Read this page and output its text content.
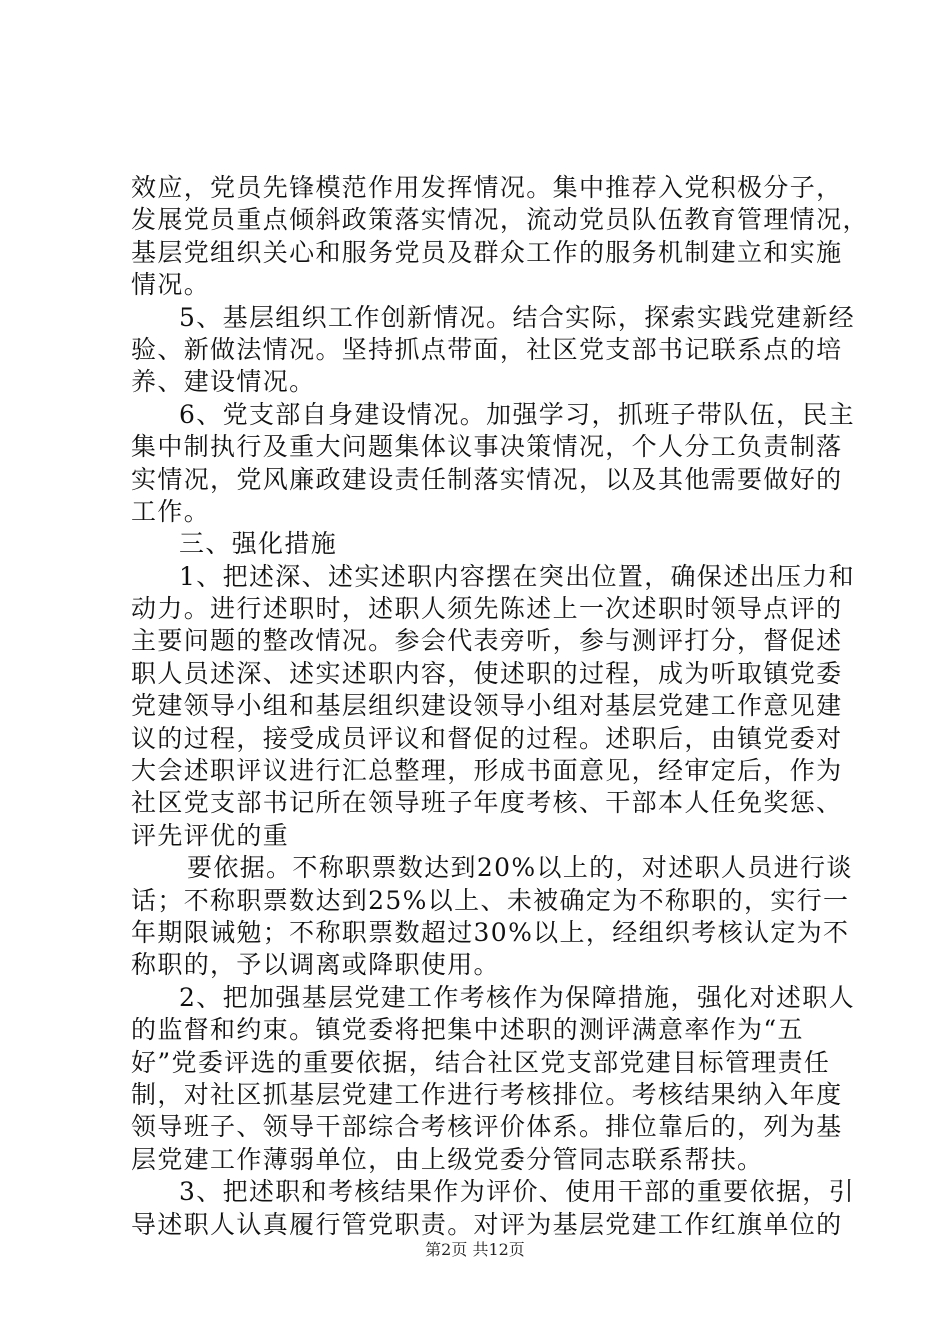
效应，党员先锋模范作用发挥情况。集中推荐入党积极分子，
发展党员重点倾斜政策落实情况，流动党员队伍教育管理情况，
基层党组织关心和服务党员及群众工作的服务机制建立和实施
情况。
5、基层组织工作创新情况。结合实际，探索实践党建新经
验、新做法情况。坚持抓点带面，社区党支部书记联系点的培
养、建设情况。
6、党支部自身建设情况。加强学习，抓班子带队伍，民主
集中制执行及重大问题集体议事决策情况，个人分工负责制落
实情况，党风廉政建设责任制落实情况，以及其他需要做好的
工作。
三、强化措施
1、把述深、述实述职内容摆在突出位置，确保述出压力和
动力。进行述职时，述职人须先陈述上一次述职时领导点评的
主要问题的整改情况。参会代表旁听，参与测评打分，督促述
职人员述深、述实述职内容，使述职的过程，成为听取镇党委
党建领导小组和基层组织建设领导小组对基层党建工作意见建
议的过程，接受成员评议和督促的过程。述职后，由镇党委对
大会述职评议进行汇总整理，形成书面意见，经审定后，作为
社区党支部书记所在领导班子年度考核、干部本人任免奖惩、
评先评优的重
要依据。不称职票数达到20%以上的，对述职人员进行谈
话；不称职票数达到25%以上、未被确定为不称职的，实行一
年期限诫勉；不称职票数超过30%以上，经组织考核认定为不
称职的，予以调离或降职使用。
2、把加强基层党建工作考核作为保障措施，强化对述职人
的监督和约束。镇党委将把集中述职的测评满意率作为“五
好”党委评选的重要依据，结合社区党支部党建目标管理责任
制，对社区抓基层党建工作进行考核排位。考核结果纳入年度
领导班子、领导干部综合考核评价体系。排位靠后的，列为基
层党建工作薄弱单位，由上级党委分管同志联系帮扶。
3、把述职和考核结果作为评价、使用干部的重要依据，引
导述职人认真履行管党职责。对评为基层党建工作红旗单位的
第2页 共12页
